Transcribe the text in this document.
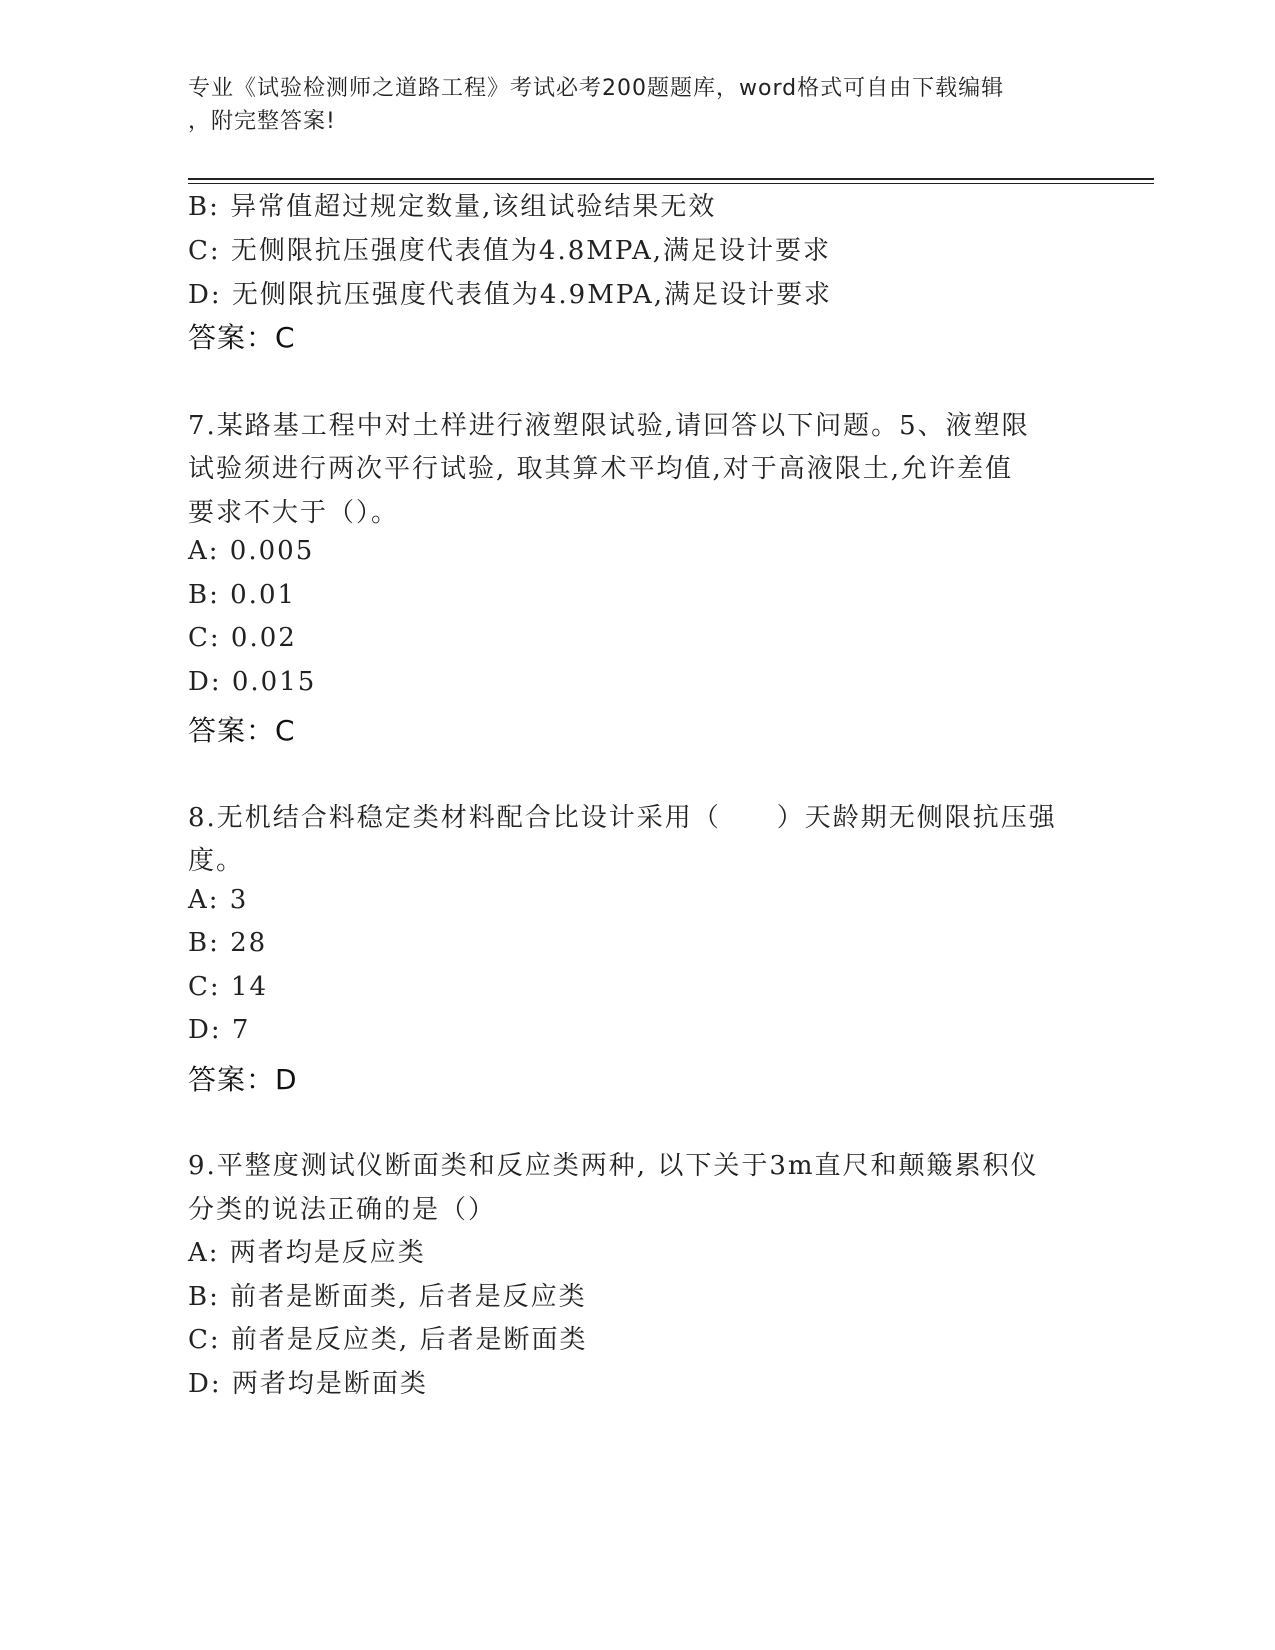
专业《试验检测师之道路工程》考试必考200题题库，word格式可自由下载编辑
，附完整答案!
B: 异常值超过规定数量,该组试验结果无效
C: 无侧限抗压强度代表值为4.8MPA,满足设计要求
D: 无侧限抗压强度代表值为4.9MPA,满足设计要求
答案：C
7.某路基工程中对土样进行液塑限试验,请回答以下问题。5、液塑限
试验须进行两次平行试验, 取其算术平均值,对于高液限土,允许差值
要求不大于（）。
A: 0.005
B: 0.01
C: 0.02
D: 0.015
答案：C
8.无机结合料稳定类材料配合比设计采用（　　）天龄期无侧限抗压强
度。
A: 3
B: 28
C: 14
D: 7
答案：D
9.平整度测试仪断面类和反应类两种, 以下关于3m直尺和颠簸累积仪
分类的说法正确的是（）
A: 两者均是反应类
B: 前者是断面类, 后者是反应类
C: 前者是反应类, 后者是断面类
D: 两者均是断面类
